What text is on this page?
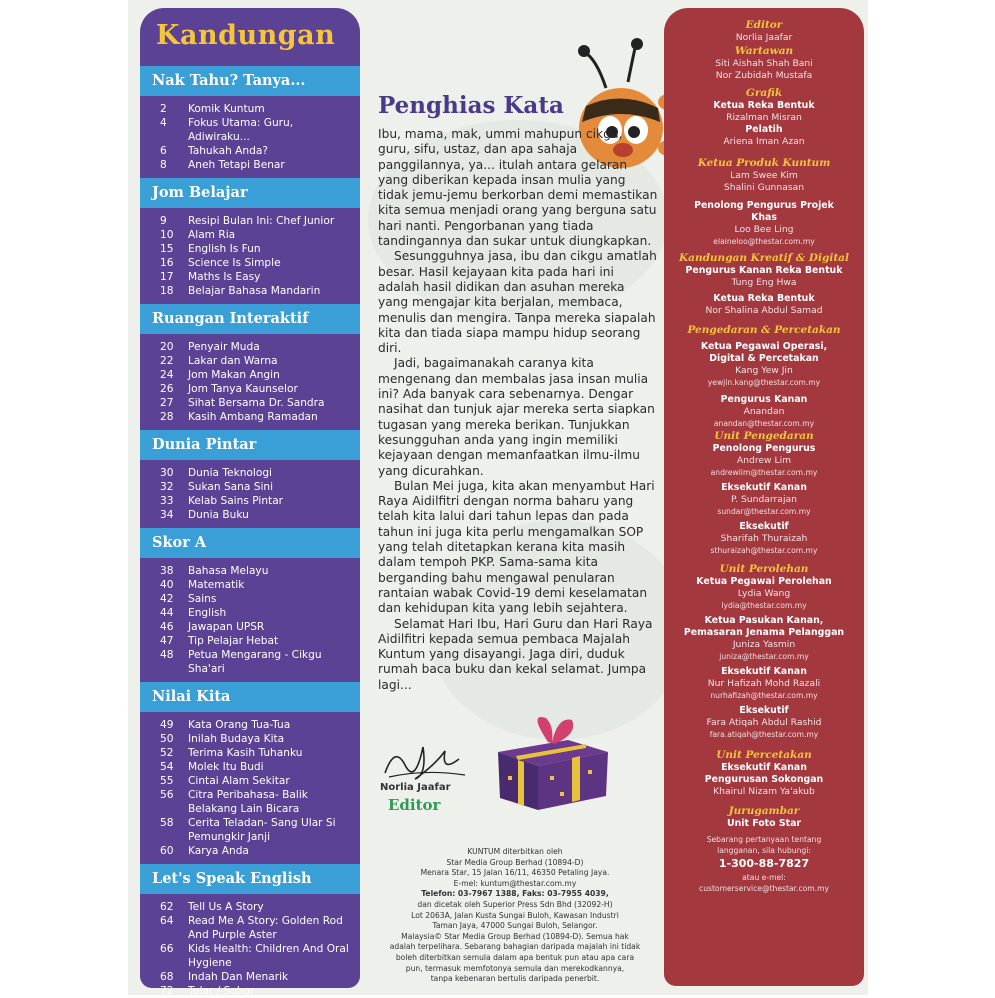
Kandungan
Nak Tahu? Tanya...
2	Komik Kuntum
4	Fokus Utama: Guru, Adiwiraku...
6	Tahukah Anda?
8	Aneh Tetapi Benar
Jom Belajar
9	Resipi Bulan Ini: Chef Junior
10	Alam Ria
15	English Is Fun
16	Science Is Simple
17	Maths Is Easy
18	Belajar Bahasa Mandarin
Ruangan Interaktif
20	Penyair Muda
22	Lakar dan Warna
24	Jom Makan Angin
26	Jom Tanya Kaunselor
27	Sihat Bersama Dr. Sandra
28	Kasih Ambang Ramadan
Dunia Pintar
30	Dunia Teknologi
32	Sukan Sana Sini
33	Kelab Sains Pintar
34	Dunia Buku
Skor A
38	Bahasa Melayu
40	Matematik
42	Sains
44	English
46	Jawapan UPSR
47	Tip Pelajar Hebat
48	Petua Mengarang - Cikgu Sha'ari
Nilai Kita
49	Kata Orang Tua-Tua
50	Inilah Budaya Kita
52	Terima Kasih Tuhanku
54	Molek Itu Budi
55	Cintai Alam Sekitar
56	Citra Peribahasa- Balik Belakang Lain Bicara
58	Cerita Teladan- Sang Ular Si Pemungkir Janji
60	Karya Anda
Let's Speak English
62	Tell Us A Story
64	Read Me A Story: Golden Rod And Purple Aster
66	Kids Health: Children And Oral Hygiene
68	Indah Dan Menarik
72	Tular / Sohor
Penghias Kata

Ibu, mama, mak, ummi mahupun cikgu, guru, sifu, ustaz, dan apa sahaja panggilannya, ya... itulah antara gelaran yang diberikan kepada insan mulia yang tidak jemu-jemu berkorban demi memastikan kita semua menjadi orang yang berguna satu hari nanti. Pengorbanan yang tiada tandingannya dan sukar untuk diungkapkan.

Sesungguhnya jasa, ibu dan cikgu amatlah besar. Hasil kejayaan kita pada hari ini adalah hasil didikan dan asuhan mereka yang mengajar kita berjalan, membaca, menulis dan mengira. Tanpa mereka siapalah kita dan tiada siapa mampu hidup seorang diri.

Jadi, bagaimanakah caranya kita mengenang dan membalas jasa insan mulia ini? Ada banyak cara sebenarnya. Dengar nasihat dan tunjuk ajar mereka serta siapkan tugasan yang mereka berikan. Tunjukkan kesungguhan anda yang ingin memiliki kejayaan dengan memanfaatkan ilmu-ilmu yang dicurahkan.

Bulan Mei juga, kita akan menyambut Hari Raya Aidilfitri dengan norma baharu yang telah kita lalui dari tahun lepas dan pada tahun ini juga kita perlu mengamalkan SOP yang telah ditetapkan kerana kita masih dalam tempoh PKP. Sama-sama kita berganding bahu mengawal penularan rantaian wabak Covid-19 demi keselamatan dan kehidupan kita yang lebih sejahtera.

Selamat Hari Ibu, Hari Guru dan Hari Raya Aidilfitri kepada semua pembaca Majalah Kuntum yang disayangi. Jaga diri, duduk rumah baca buku dan kekal selamat. Jumpa lagi...

Norlia Jaafar
Editor
KUNTUM diterbitkan oleh
Star Media Group Berhad (10894-D)
Menara Star, 15 Jalan 16/11, 46350 Petaling Jaya.
E-mel: kuntum@thestar.com.my
Telefon: 03-7967 1388, Faks: 03-7955 4039,
dan dicetak oleh Superior Press Sdn Bhd (32092-H)
Lot 2063A, Jalan Kusta Sungai Buloh, Kawasan Industri
Taman Jaya, 47000 Sungai Buloh, Selangor.
Malaysia© Star Media Group Berhad (10894-D). Semua hak
adalah terpelihara. Sebarang bahagian daripada majalah ini tidak
boleh diterbitkan semula dalam apa bentuk pun atau apa cara
pun, termasuk memfotonya semula dan merekodkannya,
tanpa kebenaran bertulis daripada penerbit.
Editor
Norlia Jaafar
Wartawan
Siti Aishah Shah Bani
Nor Zubidah Mustafa
Grafik
Ketua Reka Bentuk
Rizalman Misran
Pelatih
Ariena Iman Azan
Ketua Produk Kuntum
Lam Swee Kim
Shalini Gunnasan
Penolong Pengurus Projek Khas
Loo Bee Ling
elaineloo@thestar.com.my
Kandungan Kreatif & Digital
Pengurus Kanan Reka Bentuk
Tung Eng Hwa
Ketua Reka Bentuk
Nor Shalina Abdul Samad
Pengedaran & Percetakan
Ketua Pegawai Operasi, Digital & Percetakan
Kang Yew Jin
yewjin.kang@thestar.com.my
Pengurus Kanan
Anandan
anandan@thestar.com.my
Unit Pengedaran
Penolong Pengurus
Andrew Lim
andrewlim@thestar.com.my
Eksekutif Kanan
P. Sundarrajan
sundar@thestar.com.my
Eksekutif
Sharifah Thuraizah
sthuraizah@thestar.com.my
Unit Perolehan
Ketua Pegawai Perolehan
Lydia Wang
lydia@thestar.com.my
Ketua Pasukan Kanan, Pemasaran Jenama Pelanggan
Juniza Yasmin
juniza@thestar.com.my
Eksekutif Kanan
Nur Hafizah Mohd Razali
nurhafizah@thestar.com.my
Eksekutif
Fara Atiqah Abdul Rashid
fara.atiqah@thestar.com.my
Unit Percetakan
Eksekutif Kanan Pengurusan Sokongan
Khairul Nizam Ya'akub
Jurugambar
Unit Foto Star
Sebarang pertanyaan tentang langganan, sila hubungi:
1-300-88-7827
atau e-mel:
customerservice@thestar.com.my
